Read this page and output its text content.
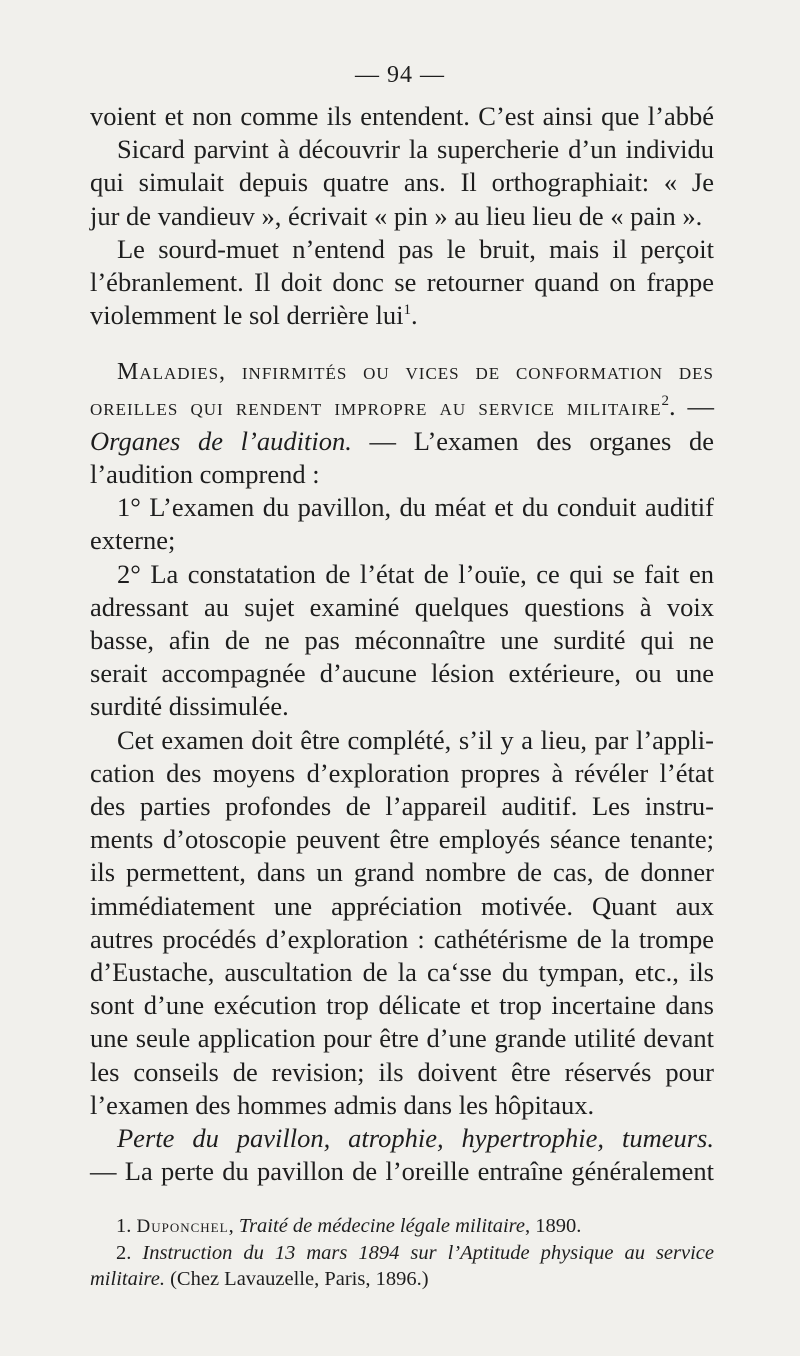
— 94 —

voient et non comme ils entendent. C’est ainsi que l’abbé

Sicard parvint à découvrir la supercherie d’un individu

qui simulait depuis quatre ans. Il orthographiait: « Je

jur de vandieuv », écrivait « pin » au lieu lieu de « pain ».

Le sourd-muet n’entend pas le bruit, mais il perçoit

l’ébranlement. Il doit donc se retourner quand on frappe

violemment le sol derrière lui$^1$.

Maladies, infirmités ou vices de conformation des

oreilles qui rendent impropre au service militaire$^2$. —

Organes de l’audition. — L’examen des organes de

l’audition comprend :

1° L’examen du pavillon, du méat et du conduit auditif

externe;

2° La constatation de l’état de l’ouïe, ce qui se fait en

adressant au sujet examiné quelques questions à voix

basse, afin de ne pas méconnaître une surdité qui ne

serait accompagnée d’aucune lésion extérieure, ou une

surdité dissimulée.

Cet examen doit être complété, s’il y a lieu, par l’appli-

cation des moyens d’exploration propres à révéler l’état

des parties profondes de l’appareil auditif. Les instru-

ments d’otoscopie peuvent être employés séance tenante;

ils permettent, dans un grand nombre de cas, de donner

immédiatement une appréciation motivée. Quant aux

autres procédés d’exploration : cathétérisme de la trompe

d’Eustache, auscultation de la ca‘sse du tympan, etc., ils

sont d’une exécution trop délicate et trop incertaine dans

une seule application pour être d’une grande utilité devant

les conseils de revision; ils doivent être réservés pour

l’examen des hommes admis dans les hôpitaux.

Perte du pavillon, atrophie, hypertrophie, tumeurs.

— La perte du pavillon de l’oreille entraîne généralement

1. Duponchel, Traité de médecine légale militaire, 1890.

2. Instruction du 13 mars 1894 sur l’Aptitude physique au service militaire. (Chez Lavauzelle, Paris, 1896.)
